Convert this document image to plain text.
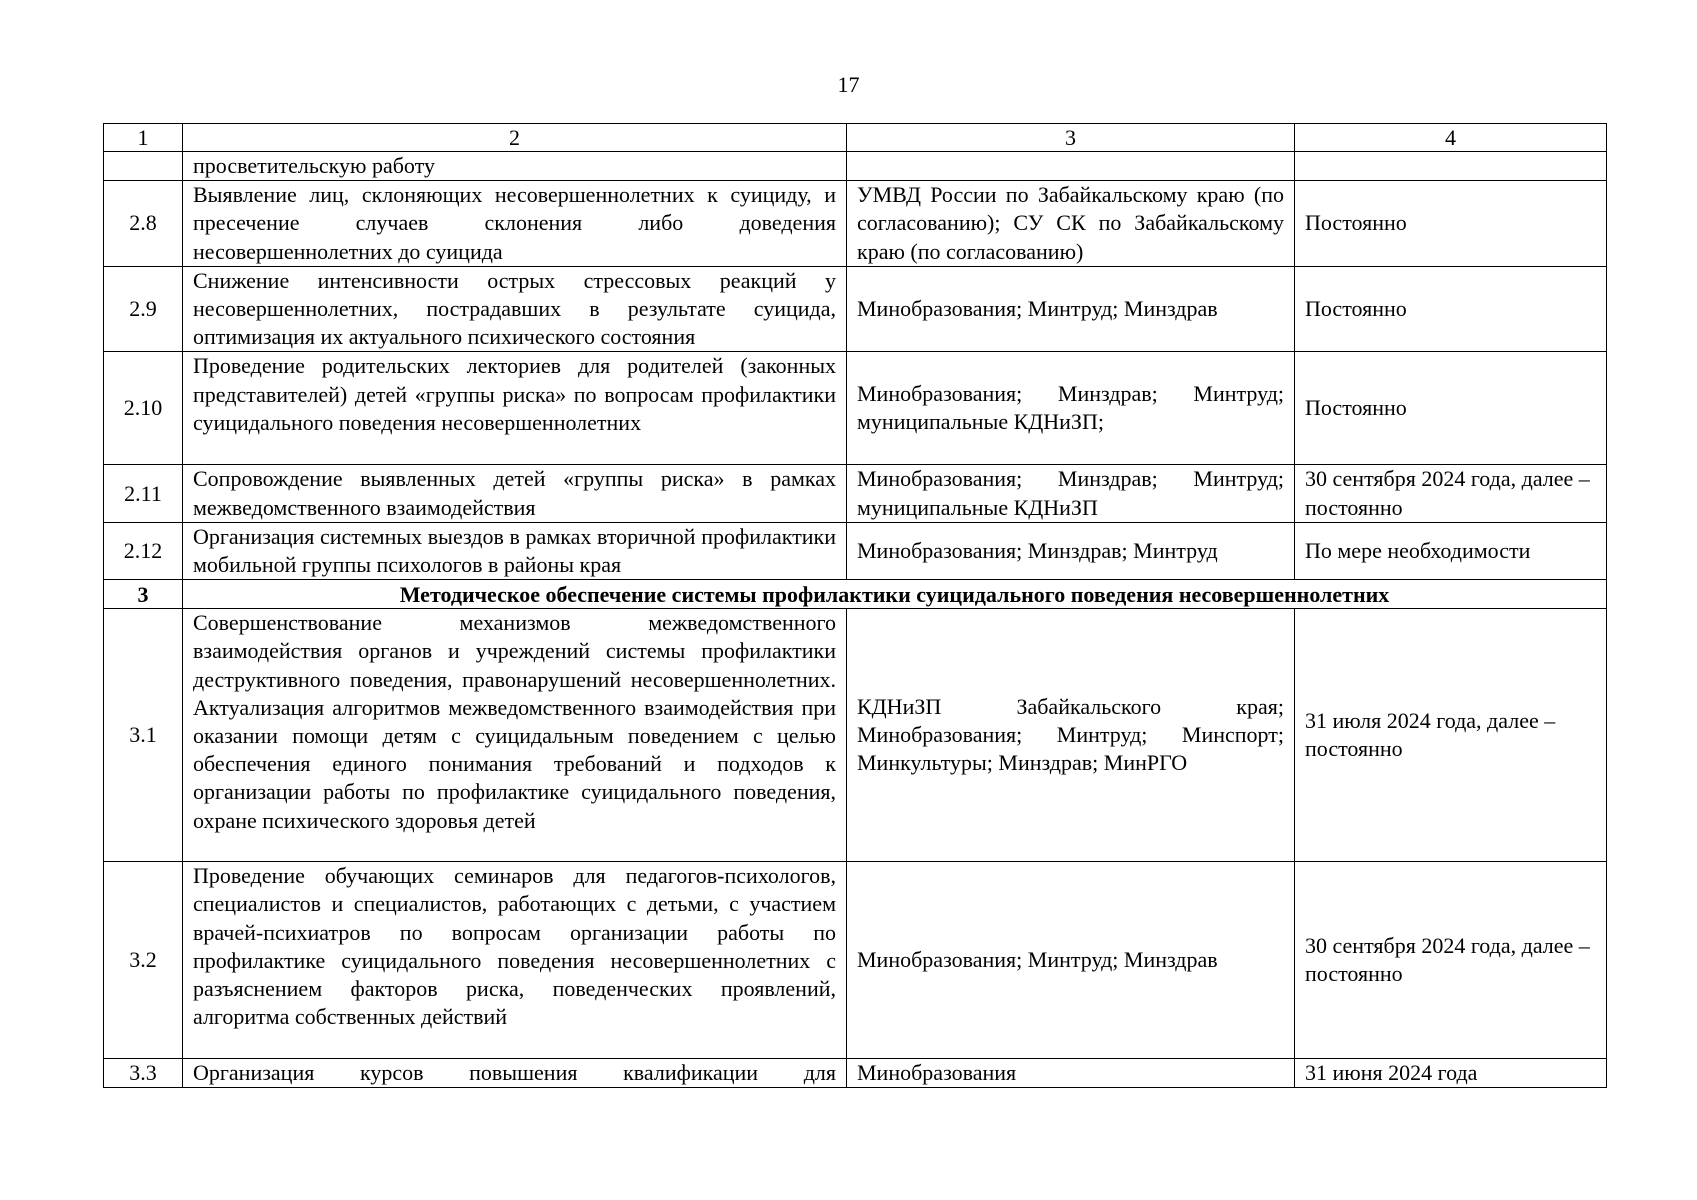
17
1	2	3	4
	просветительскую работу		
2.8	Выявление лиц, склоняющих несовершеннолетних к суициду, и пресечение случаев склонения либо доведения несовершеннолетних до суицида	УМВД России по Забайкальскому краю (по согласованию); СУ СК по Забайкальскому краю (по согласованию)	Постоянно
2.9	Снижение интенсивности острых стрессовых реакций у несовершеннолетних, пострадавших в результате суицида, оптимизация их актуального психического состояния	Минобразования; Минтруд; Минздрав	Постоянно
2.10	Проведение родительских лекториев для родителей (законных представителей) детей «группы риска» по вопросам профилактики суицидального поведения несовершеннолетних	Минобразования; Минздрав; Минтруд; муниципальные КДНиЗП;	Постоянно
2.11	Сопровождение выявленных детей «группы риска» в рамках межведомственного взаимодействия	Минобразования; Минздрав; Минтруд; муниципальные КДНиЗП	30 сентября 2024 года, далее – постоянно
2.12	Организация системных выездов в рамках вторичной профилактики мобильной группы психологов в районы края	Минобразования; Минздрав; Минтруд	По мере необходимости
3	Методическое обеспечение системы профилактики суицидального поведения несовершеннолетних		
3.1	Совершенствование механизмов межведомственного взаимодействия органов и учреждений системы профилактики деструктивного поведения, правонарушений несовершеннолетних. Актуализация алгоритмов межведомственного взаимодействия при оказании помощи детям с суицидальным поведением с целью обеспечения единого понимания требований и подходов к организации работы по профилактике суицидального поведения, охране психического здоровья детей	КДНиЗП Забайкальского края; Минобразования; Минтруд; Минспорт; Минкультуры; Минздрав; МинРГО	31 июля 2024 года, далее – постоянно
3.2	Проведение обучающих семинаров для педагогов-психологов, специалистов и специалистов, работающих с детьми, с участием врачей-психиатров по вопросам организации работы по профилактике суицидального поведения несовершеннолетних с разъяснением факторов риска, поведенческих проявлений, алгоритма собственных действий	Минобразования; Минтруд; Минздрав	30 сентября 2024 года, далее – постоянно
3.3	Организация курсов повышения квалификации для	Минобразования	31 июня 2024 года
